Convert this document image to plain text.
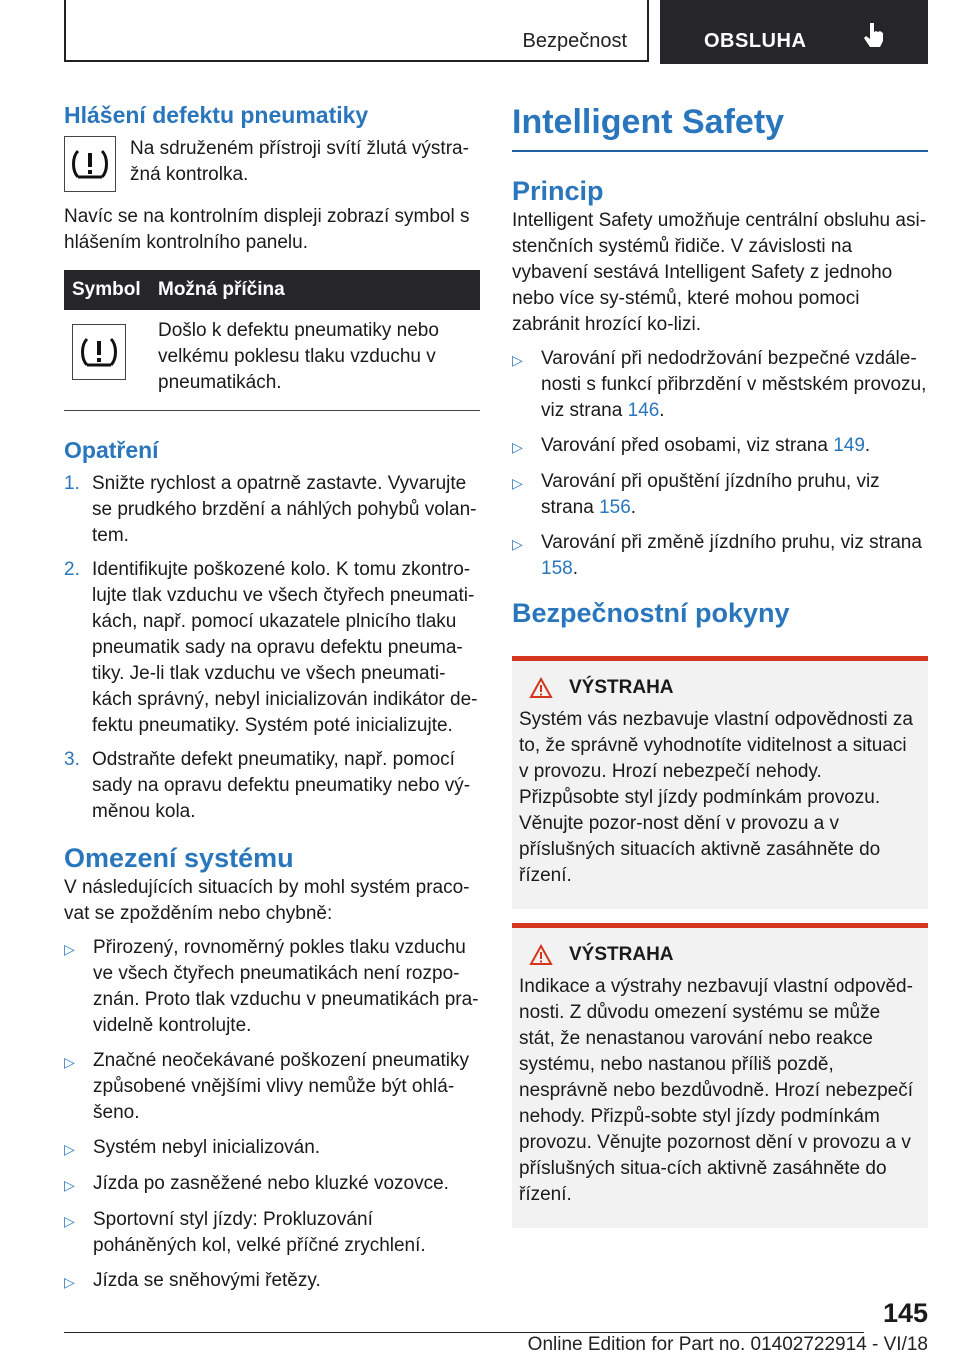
Bezpečnost	OBSLUHA
Hlášení defektu pneumatiky

Na sdruženém přístroji svítí žlutá výstra-žná kontrolka.

Navíc se na kontrolním displeji zobrazí symbol s hlášením kontrolního panelu.

Symbol Možná příčina
Došlo k defektu pneumatiky nebo velkému poklesu tlaku vzduchu v pneumatikách.
Opatření
1. Snižte rychlost a opatrně zastavte. Vyvarujte se prudkého brzdění a náhlých pohybů volan-tem.
2. Identifikujte poškozené kolo. K tomu zkontro-lujte tlak vzduchu ve všech čtyřech pneumati-kách, např. pomocí ukazatele plnicího tlaku pneumatik sady na opravu defektu pneuma-tiky. Je-li tlak vzduchu ve všech pneumati-kách správný, nebyl inicializován indikátor de-fektu pneumatiky. Systém poté inicializujte.
3. Odstraňte defekt pneumatiky, např. pomocí sady na opravu defektu pneumatiky nebo vý-měnou kola.
Omezení systému

V následujících situacích by mohl systém praco-vat se zpožděním nebo chybně:

▷ Přirozený, rovnoměrný pokles tlaku vzduchu ve všech čtyřech pneumatikách není rozpo-znán. Proto tlak vzduchu v pneumatikách pra-videlně kontrolujte.
▷ Značné neočekávané poškození pneumatiky způsobené vnějšími vlivy nemůže být ohlá-šeno.
▷ Systém nebyl inicializován.
▷ Jízda po zasněžené nebo kluzké vozovce.
▷ Sportovní styl jízdy: Prokluzování poháněných kol, velké příčné zrychlení.
▷ Jízda se sněhovými řetězy.
Intelligent Safety
Princip

Intelligent Safety umožňuje centrální obsluhu asi-stenčních systémů řidiče. V závislosti na vybavení sestává Intelligent Safety z jednoho nebo více sy-stémů, které mohou pomoci zabránit hrozící ko-lizi.

▷ Varování při nedodržování bezpečné vzdále-nosti s funkcí přibrzdění v městském provozu, viz strana 146.
▷ Varování před osobami, viz strana 149.
▷ Varování při opuštění jízdního pruhu, viz strana 156.
▷ Varování při změně jízdního pruhu, viz strana 158.
Bezpečnostní pokyny
VÝSTRAHA

Systém vás nezbavuje vlastní odpovědnosti za to, že správně vyhodnotíte viditelnost a situaci v provozu. Hrozí nebezpečí nehody. Přizpůsobte styl jízdy podmínkám provozu. Věnujte pozor-nost dění v provozu a v příslušných situacích aktivně zasáhněte do řízení.

VÝSTRAHA

Indikace a výstrahy nezbavují vlastní odpověd-nosti. Z důvodu omezení systému se může stát, že nenastanou varování nebo reakce systému, nebo nastanou příliš pozdě, nesprávně nebo bezdůvodně. Hrozí nebezpečí nehody. Přizpů-sobte styl jízdy podmínkám provozu. Věnujte pozornost dění v provozu a v příslušných situa-cích aktivně zasáhněte do řízení.

145
Online Edition for Part no. 01402722914 - VI/18
